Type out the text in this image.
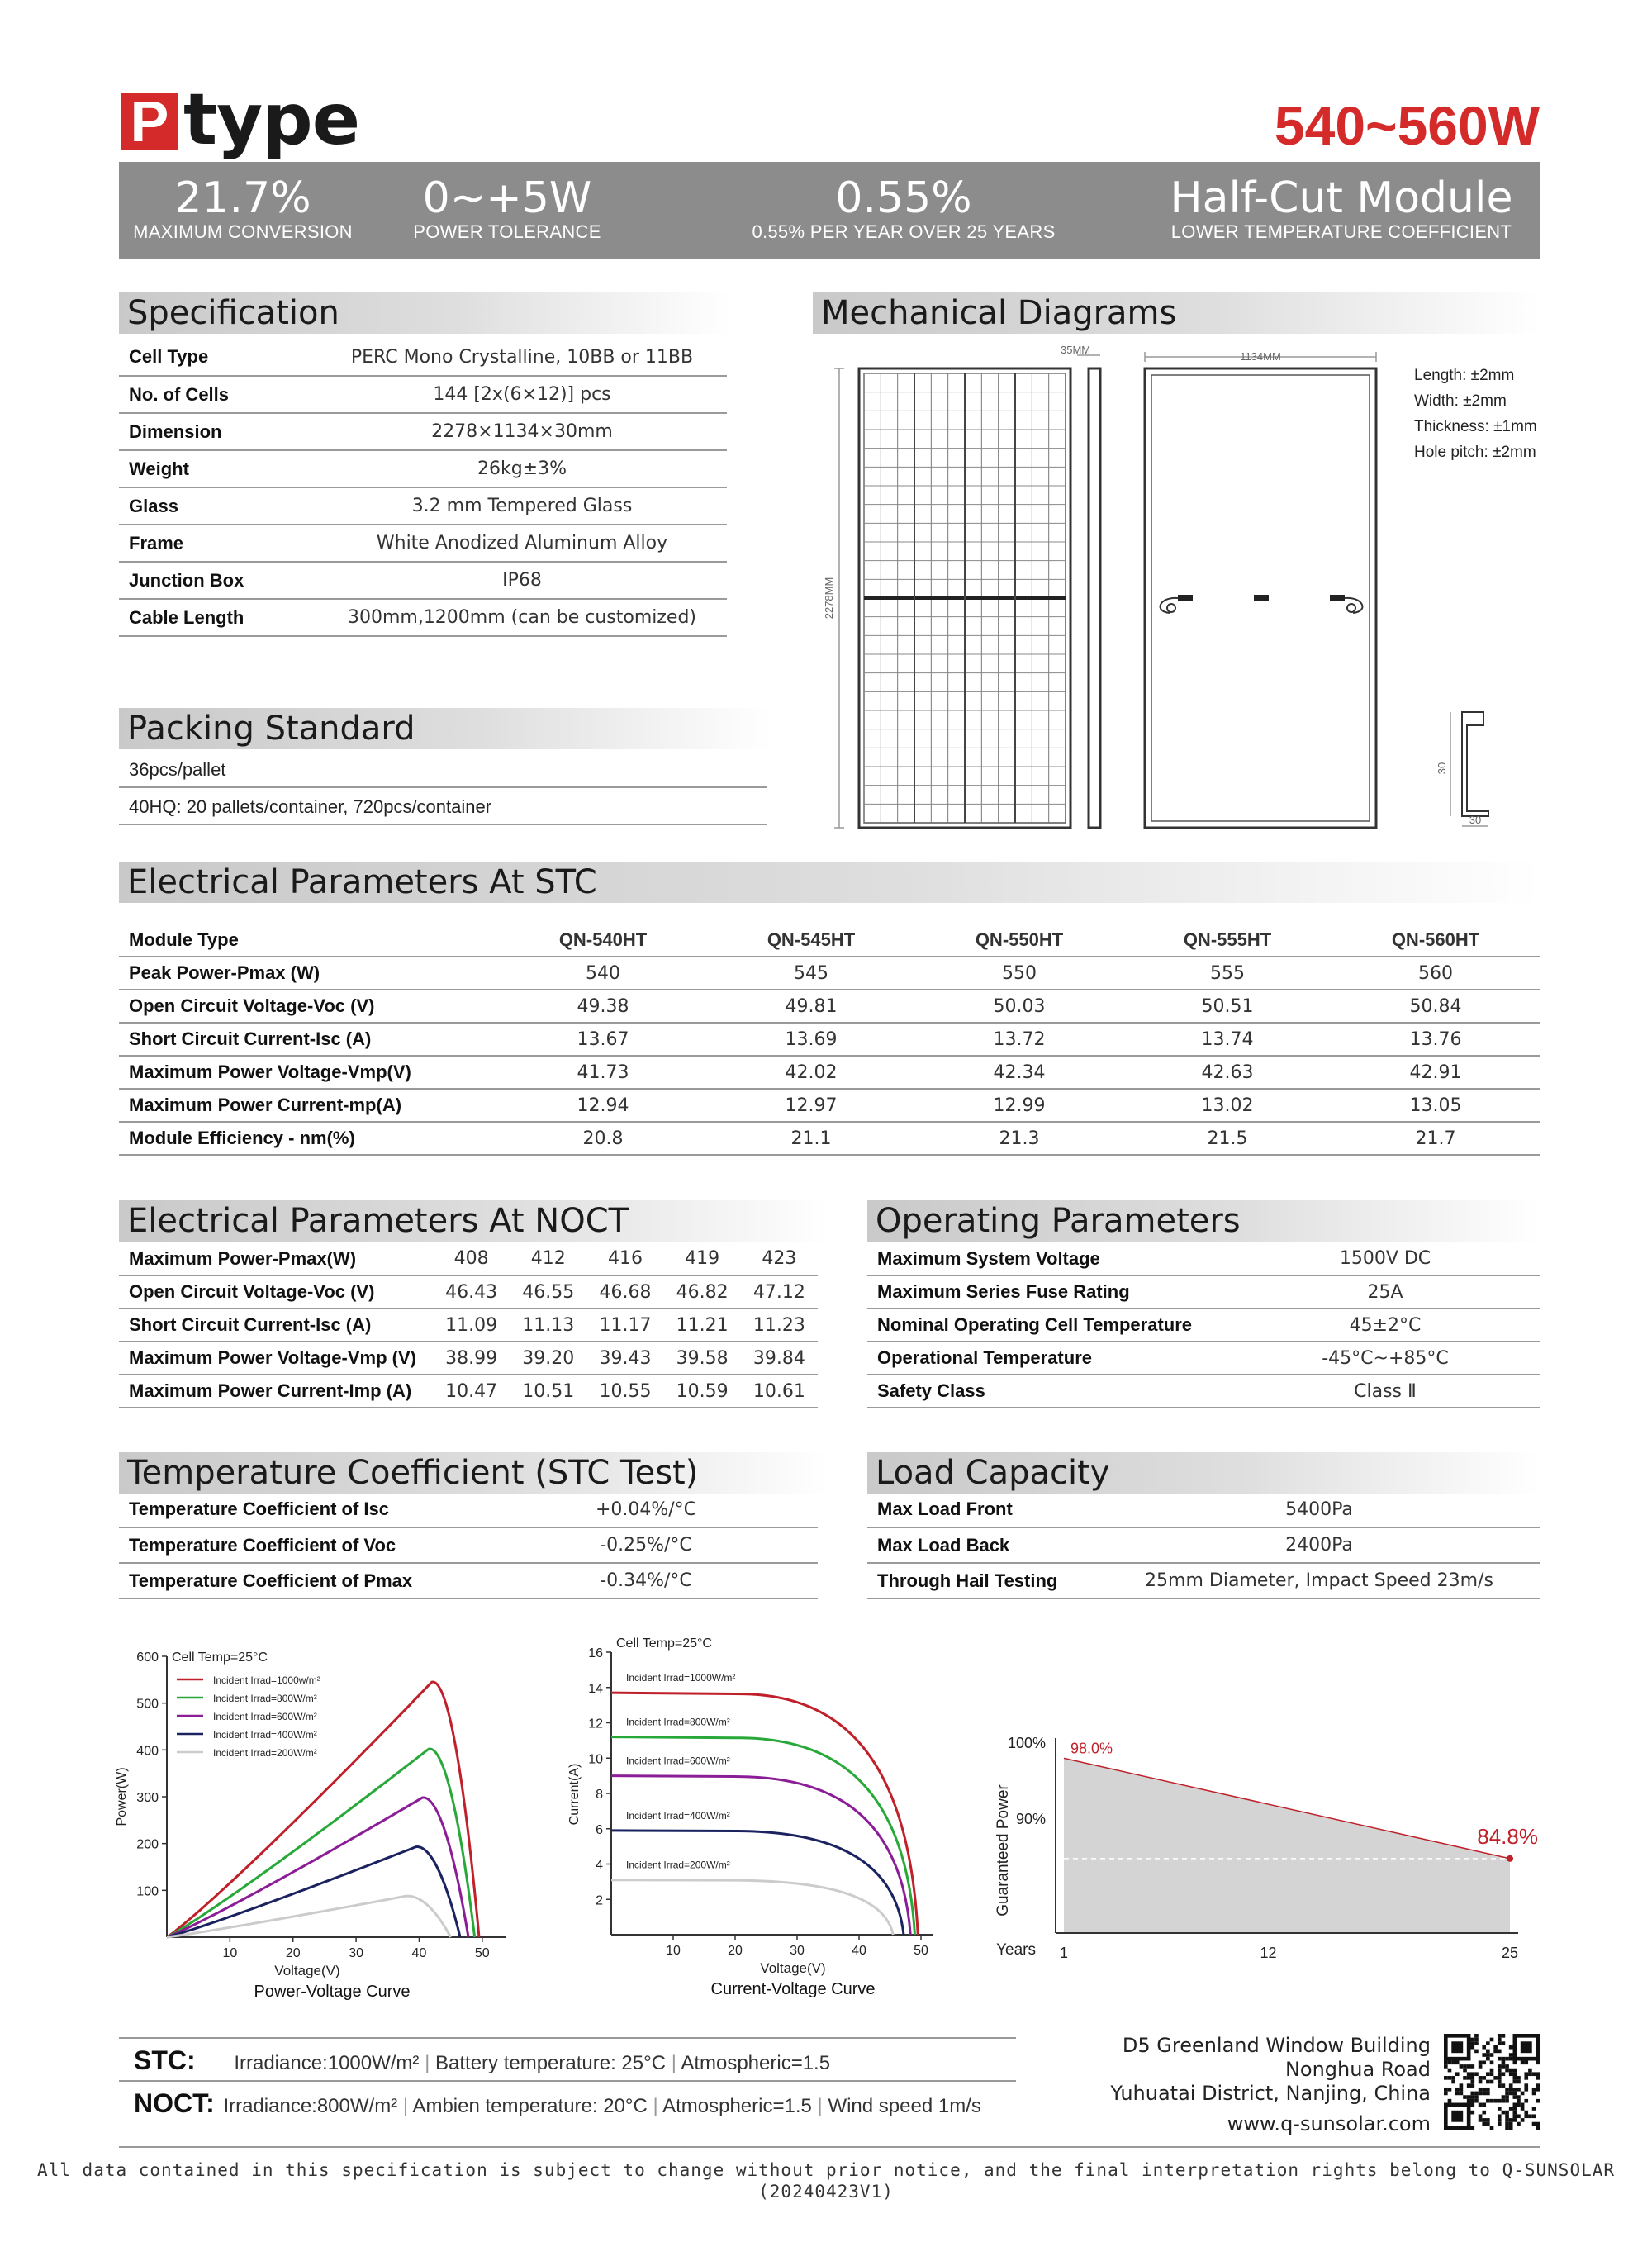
P type	540~560W
21.7%
MAXIMUM CONVERSION
0~+5W
POWER TOLERANCE
0.55%
0.55% PER YEAR OVER 25 YEARS
Half-Cut Module
LOWER TEMPERATURE COEFFICIENT
Specification
Cell Type	PERC Mono Crystalline, 10BB or 11BB
No. of Cells	144 [2x(6×12)] pcs
Dimension	2278×1134×30mm
Weight	26kg±3%
Glass	3.2 mm Tempered Glass
Frame	White Anodized Aluminum Alloy
Junction Box	IP68
Cable Length	300mm,1200mm (can be customized)
Packing Standard
36pcs/pallet
40HQ: 20 pallets/container, 720pcs/container
Mechanical Diagrams
2278MM
35MM
1134MM
Length: ±2mm
Width: ±2mm
Thickness: ±1mm
Hole pitch: ±2mm
30
30
Electrical Parameters At STC
Module Type	QN-540HT	QN-545HT	QN-550HT	QN-555HT	QN-560HT
Peak Power-Pmax (W)	540	545	550	555	560
Open Circuit Voltage-Voc (V)	49.38	49.81	50.03	50.51	50.84
Short Circuit Current-Isc (A)	13.67	13.69	13.72	13.74	13.76
Maximum Power Voltage-Vmp(V)	41.73	42.02	42.34	42.63	42.91
Maximum Power Current-mp(A)	12.94	12.97	12.99	13.02	13.05
Module Efficiency - nm(%)	20.8	21.1	21.3	21.5	21.7
Electrical Parameters At NOCT
Maximum Power-Pmax(W)	408	412	416	419	423
Open Circuit Voltage-Voc (V)	46.43	46.55	46.68	46.82	47.12
Short Circuit Current-Isc (A)	11.09	11.13	11.17	11.21	11.23
Maximum Power Voltage-Vmp (V)	38.99	39.20	39.43	39.58	39.84
Maximum Power Current-Imp (A)	10.47	10.51	10.55	10.59	10.61
Operating Parameters
Maximum System Voltage	1500V DC
Maximum Series Fuse Rating	25A
Nominal Operating Cell Temperature	45±2°C
Operational Temperature	-45°C~+85°C
Safety Class	Class Ⅱ
Temperature Coefficient (STC Test)
Temperature Coefficient of Isc	+0.04%/°C
Temperature Coefficient of Voc	-0.25%/°C
Temperature Coefficient of Pmax	-0.34%/°C
Load Capacity
Max Load Front	5400Pa
Max Load Back	2400Pa
Through Hail Testing	25mm Diameter, Impact Speed 23m/s
10	20	30	40	50
100
200
300
400
500
600 Cell Temp=25°C
Voltage(V)
Power(W)
Power-Voltage Curve
Incident Irrad=1000w/m²
Incident Irrad=800W/m²
Incident Irrad=600W/m²
Incident Irrad=400W/m²
Incident Irrad=200W/m²
10	20	30	40	50
2
4
6
8
10
12
14
16
Cell Temp=25°C
Voltage(V)
Current(A)
Current-Voltage Curve
Incident Irrad=1000W/m²
Incident Irrad=800W/m²
Incident Irrad=600W/m²
Incident Irrad=400W/m²
Incident Irrad=200W/m²
100%
90%
98.0%
84.8%
1	12	25
Years
Guaranteed Power
STC: Irradiance:1000W/m² | Battery temperature: 25°C | Atmospheric=1.5
NOCT: Irradiance:800W/m² | Ambien temperature: 20°C | Atmospheric=1.5 | Wind speed 1m/s
D5 Greenland Window Building
Nonghua Road
Yuhuatai District, Nanjing, China
www.q-sunsolar.com
All data contained in this specification is subject to change without prior notice, and the final interpretation rights belong to Q-SUNSOLAR (20240423V1)
